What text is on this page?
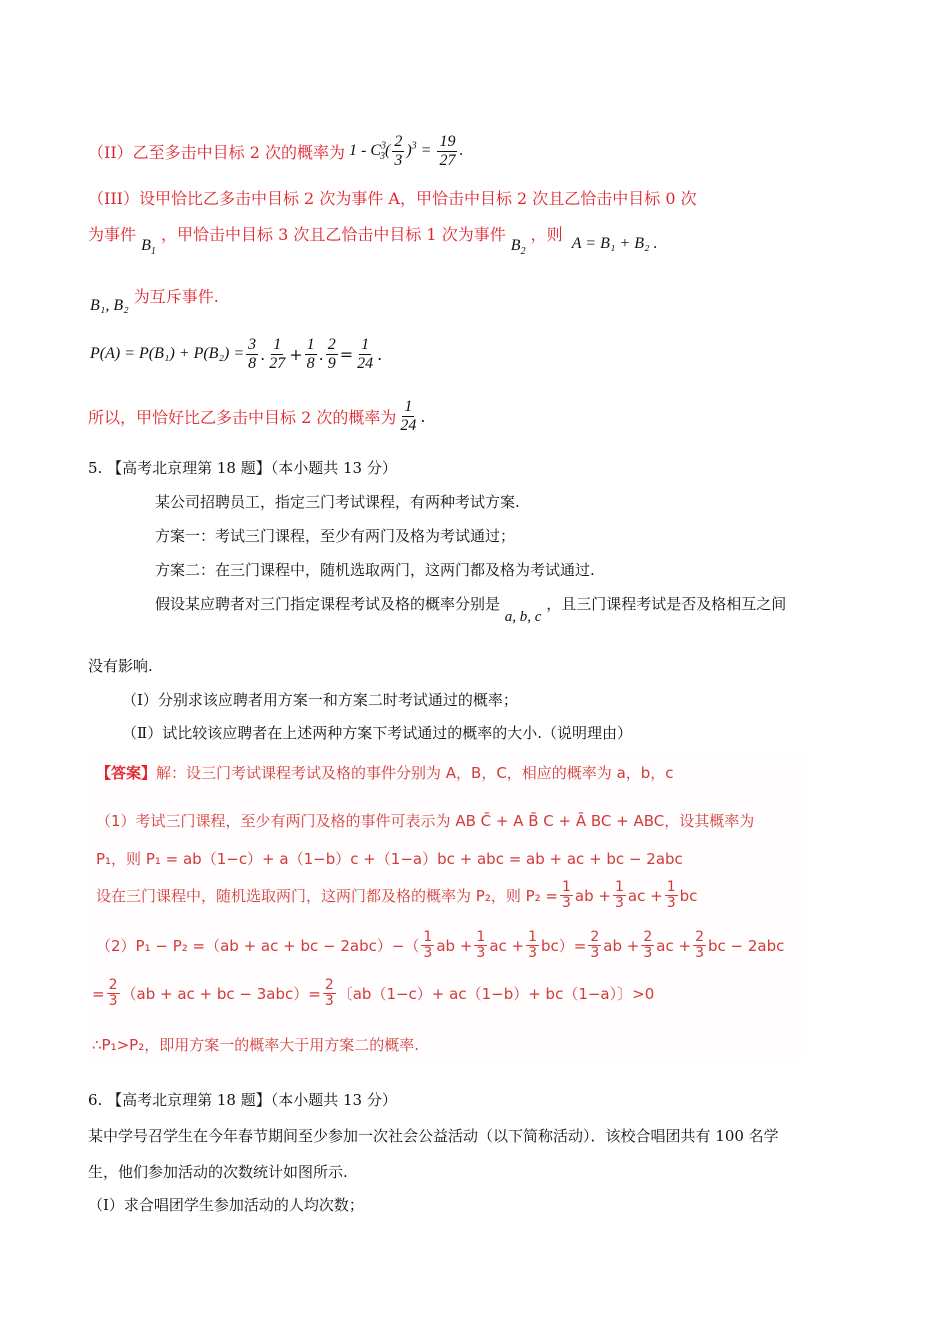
（II）乙至多击中目标 2 次的概率为 $1 - C^3_3( \frac{2}{3} )^3 = \frac{19}{27}$ .
（III）设甲恰比乙多击中目标 2 次为事件 A，甲恰击中目标 2 次且乙恰击中目标 0 次
为事件 $B_1$ ，甲恰击中目标 3 次且乙恰击中目标 1 次为事件 $B_2$ ，则 A = B₁ + B₂ .
B₁, B₂ 为互斥事件.
$P(A) = P(B_1) + P(B_2) = \frac{3}{8}$ . $\frac{1}{27} + \frac{1}{8}$ . $\frac{2}{9} = \frac{1}{24}$ .
所以，甲恰好比乙多击中目标 2 次的概率为 $\frac{1}{24}$ .
5. 【高考北京理第 18 题】（本小题共 13 分）
某公司招聘员工，指定三门考试课程，有两种考试方案.
方案一：考试三门课程，至少有两门及格为考试通过；
方案二：在三门课程中，随机选取两门，这两门都及格为考试通过.
假设某应聘者对三门指定课程考试及格的概率分别是 a, b, c ，且三门课程考试是否及格相互之间
没有影响.
（Ⅰ）分别求该应聘者用方案一和方案二时考试通过的概率；
（Ⅱ）试比较该应聘者在上述两种方案下考试通过的概率的大小.（说明理由）
【答案】解：设三门考试课程考试及格的事件分别为 A，B，C，相应的概率为 a，b，c
（1）考试三门课程，至少有两门及格的事件可表示为 AB C̄ + A B̄ C + Ā BC + ABC，设其概率为
P₁，则 P₁ = ab（1−c）+ a（1−b）c +（1−a）bc + abc = ab + ac + bc − 2abc
设在三门课程中，随机选取两门，这两门都及格的概率为 P₂，则 $P_2 = \frac{1}{3}$ ab + $\frac{1}{3}$ ac + $\frac{1}{3}$ bc
（2）P₁ − P₂ =（ab + ac + bc − $2abc)-( \frac{1}{3}$ ab + $\frac{1}{3}$ ac + $\frac{1}{3} bc)= \frac{2}{3}$ ab + $\frac{2}{3}$ ac + $\frac{2}{3}$ bc − 2abc
= $\frac{2}{3} (ab$ + ac + bc − $3abc)= \frac{2}{3}$ 〔ab（1−c）+ ac（1−b）+ bc（1−a）〕>0
∴P₁>P₂，即用方案一的概率大于用方案二的概率.
6. 【高考北京理第 18 题】（本小题共 13 分）
某中学号召学生在今年春节期间至少参加一次社会公益活动（以下简称活动）．该校合唱团共有 100 名学
生，他们参加活动的次数统计如图所示.
（I）求合唱团学生参加活动的人均次数；
